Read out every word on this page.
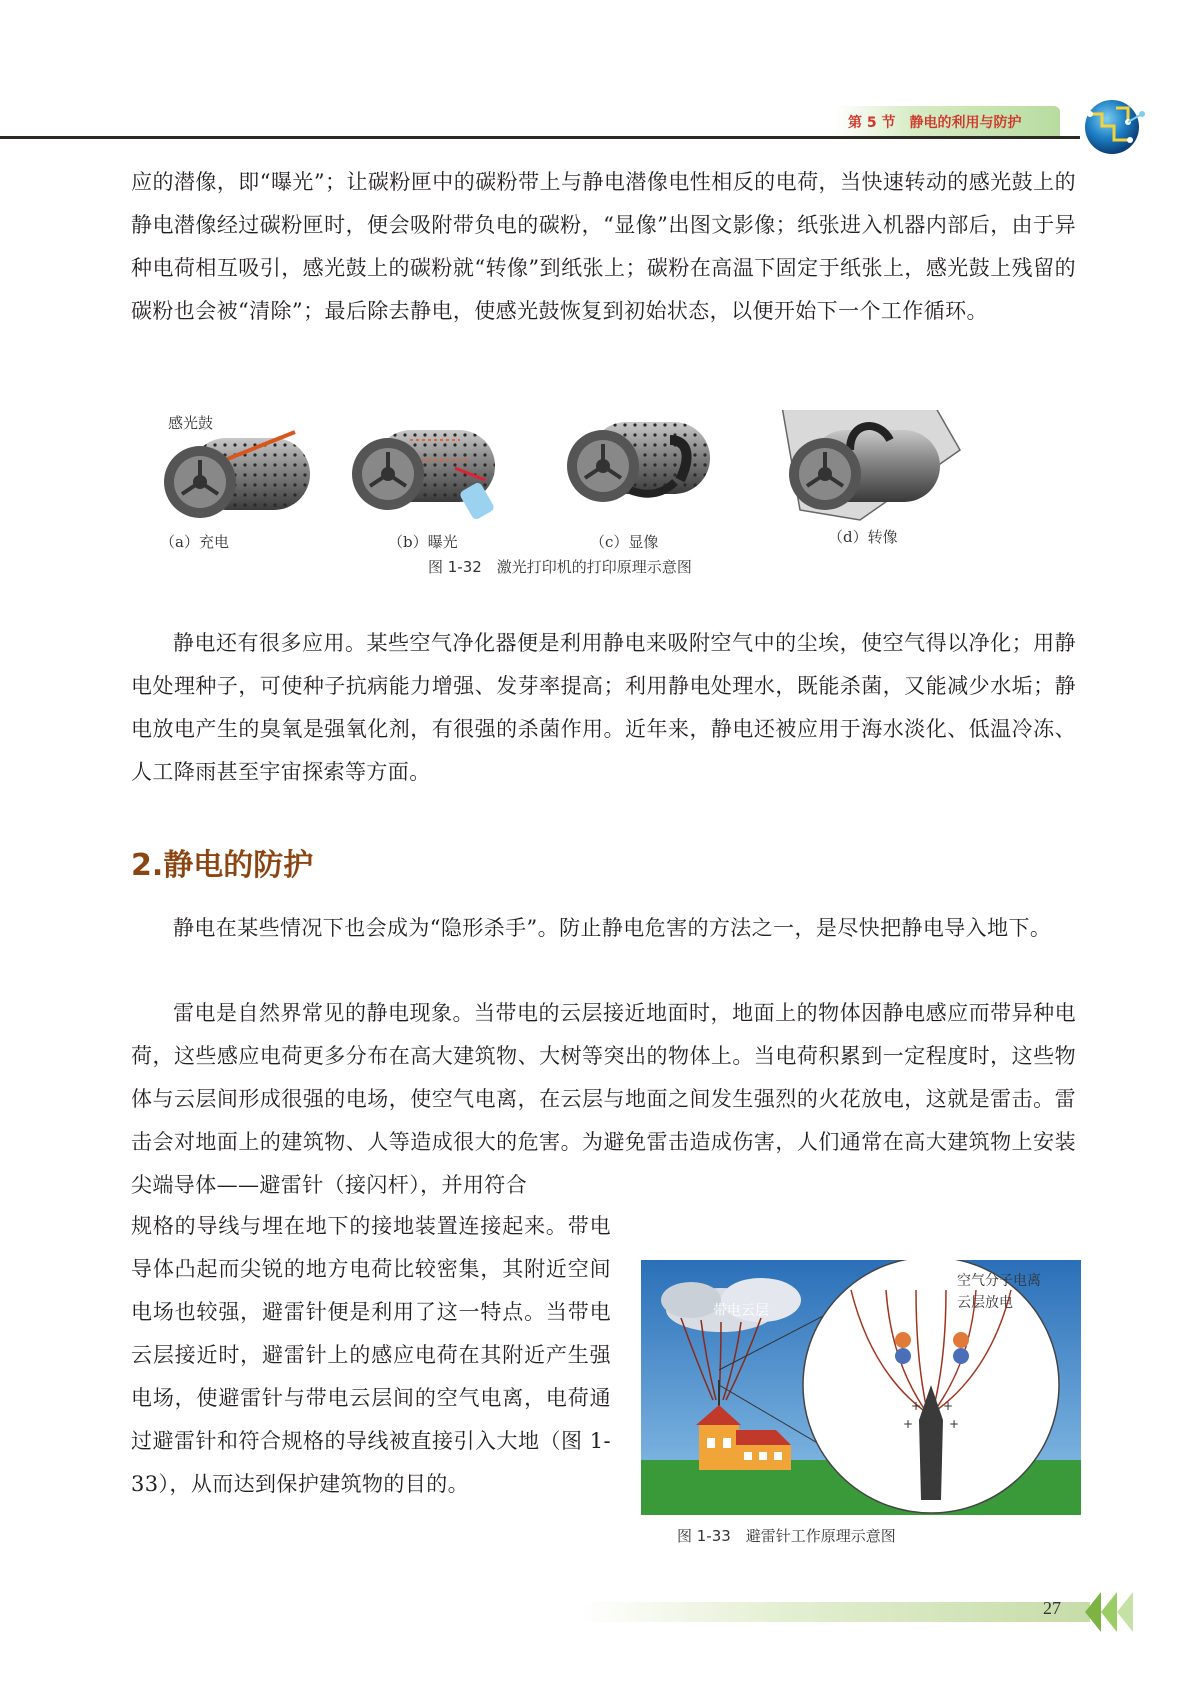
第 5 节　静电的利用与防护

应的潜像，即“曝光”；让碳粉匣中的碳粉带上与静电潜像电性相反的电荷，当快速转动的感光鼓上的静电潜像经过碳粉匣时，便会吸附带负电的碳粉，“显像”出图文影像；纸张进入机器内部后，由于异种电荷相互吸引，感光鼓上的碳粉就“转像”到纸张上；碳粉在高温下固定于纸张上，感光鼓上残留的碳粉也会被“清除”；最后除去静电，使感光鼓恢复到初始状态，以便开始下一个工作循环。

感光鼓
（a）充电	（b）曝光	（c）显像	（d）转像
图 1-32　激光打印机的打印原理示意图

静电还有很多应用。某些空气净化器便是利用静电来吸附空气中的尘埃，使空气得以净化；用静电处理种子，可使种子抗病能力增强、发芽率提高；利用静电处理水，既能杀菌，又能减少水垢；静电放电产生的臭氧是强氧化剂，有很强的杀菌作用。近年来，静电还被应用于海水淡化、低温冷冻、人工降雨甚至宇宙探索等方面。

2.静电的防护

静电在某些情况下也会成为“隐形杀手”。防止静电危害的方法之一，是尽快把静电导入地下。

雷电是自然界常见的静电现象。当带电的云层接近地面时，地面上的物体因静电感应而带异种电荷，这些感应电荷更多分布在高大建筑物、大树等突出的物体上。当电荷积累到一定程度时，这些物体与云层间形成很强的电场，使空气电离，在云层与地面之间发生强烈的火花放电，这就是雷击。雷击会对地面上的建筑物、人等造成很大的危害。为避免雷击造成伤害，人们通常在高大建筑物上安装尖端导体——避雷针（接闪杆），并用符合

规格的导线与埋在地下的接地装置连接起来。带电导体凸起而尖锐的地方电荷比较密集，其附近空间电场也较强，避雷针便是利用了这一特点。当带电云层接近时，避雷针上的感应电荷在其附近产生强电场，使避雷针与带电云层间的空气电离，电荷通过避雷针和符合规格的导线被直接引入大地（图 1-33），从而达到保护建筑物的目的。

+ +
+	+
带电云层
空气分子电离
云层放电
图 1-33　避雷针工作原理示意图
27
